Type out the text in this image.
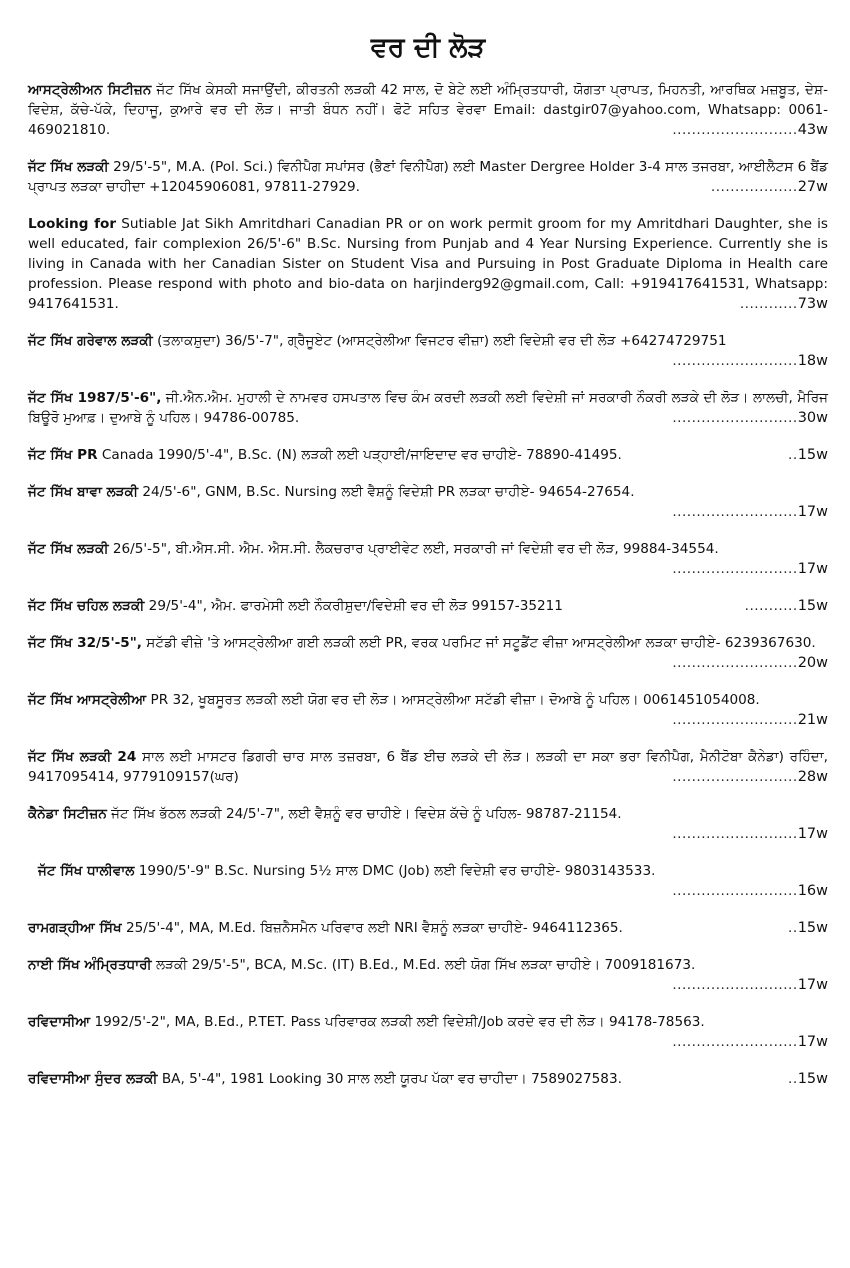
ਵਰ ਦੀ ਲੋੜ
ਆਸਟ੍ਰੇਲੀਅਨ ਸਿਟੀਜ਼ਨ ਜੱਟ ਸਿੱਖ ਕੇਸਕੀ ਸਜਾਉਂਦੀ, ਕੀਰਤਨੀ ਲੜਕੀ 42 ਸਾਲ, ਦੋ ਬੇਟੇ ਲਈ ਅੰਮ੍ਰਿਤਧਾਰੀ, ਯੋਗਤਾ ਪ੍ਰਾਪਤ, ਮਿਹਨਤੀ, ਆਰਥਿਕ ਮਜ਼ਬੂਤ, ਦੇਸ਼-ਵਿਦੇਸ਼, ਕੱਚੇ-ਪੱਕੇ, ਦਿਹਾਜੂ, ਕੁਆਰੇ ਵਰ ਦੀ ਲੋੜ। ਜਾਤੀ ਬੰਧਨ ਨਹੀਂ। ਫੋਟੋ ਸਹਿਤ ਵੇਰਵਾ Email: dastgir07@yahoo.com, Whatsapp: 0061-469021810.	..........................43w
ਜੱਟ ਸਿੱਖ ਲੜਕੀ 29/5'-5", M.A. (Pol. Sci.) ਵਿਨੀਪੈਗ ਸਪਾਂਸਰ (ਭੈਣਾਂ ਵਿਨੀਪੈਗ) ਲਈ Master Dergree Holder 3-4 ਸਾਲ ਤਜਰਬਾ, ਆਈਲੈਟਸ 6 ਬੈਂਡ ਪ੍ਰਾਪਤ ਲੜਕਾ ਚਾਹੀਦਾ +12045906081, 97811-27929.	..................27w
Looking for Sutiable Jat Sikh Amritdhari Canadian PR or on work permit groom for my Amritdhari Daughter, she is well educated, fair complexion 26/5'-6" B.Sc. Nursing from Punjab and 4 Year Nursing Experience. Currently she is living in Canada with her Canadian Sister on Student Visa and Pursuing in Post Graduate Diploma in Health care profession. Please respond with photo and bio-data on harjinderg92@gmail.com, Call: +919417641531, Whatsapp: 9417641531.	............73w
ਜੱਟ ਸਿੱਖ ਗਰੇਵਾਲ ਲੜਕੀ (ਤਲਾਕਸ਼ੁਦਾ) 36/5'-7", ਗ੍ਰੈਜੂਏਟ (ਆਸਟ੍ਰੇਲੀਆ ਵਿਜਟਰ ਵੀਜ਼ਾ) ਲਈ ਵਿਦੇਸ਼ੀ ਵਰ ਦੀ ਲੋੜ +64274729751
..........................18w
ਜੱਟ ਸਿੱਖ 1987/5'-6", ਜੀ.ਐਨ.ਐਮ. ਮੁਹਾਲੀ ਦੇ ਨਾਮਵਰ ਹਸਪਤਾਲ ਵਿਚ ਕੰਮ ਕਰਦੀ ਲੜਕੀ ਲਈ ਵਿਦੇਸ਼ੀ ਜਾਂ ਸਰਕਾਰੀ ਨੌਕਰੀ ਲੜਕੇ ਦੀ ਲੋੜ। ਲਾਲਚੀ, ਮੈਰਿਜ ਬਿਊਰੋ ਮੁਆਫ਼। ਦੁਆਬੇ ਨੂੰ ਪਹਿਲ। 94786-00785.	..........................30w
ਜੱਟ ਸਿੱਖ PR Canada 1990/5'-4", B.Sc. (N) ਲੜਕੀ ਲਈ ਪੜ੍ਹਾਈ/ਜਾਇਦਾਦ ਵਰ ਚਾਹੀਏ- 78890-41495.	..15w
ਜੱਟ ਸਿੱਖ ਬਾਵਾ ਲੜਕੀ 24/5'-6", GNM, B.Sc. Nursing ਲਈ ਵੈਸ਼ਨੂੰ ਵਿਦੇਸ਼ੀ PR ਲੜਕਾ ਚਾਹੀਏ- 94654-27654.
..........................17w
ਜੱਟ ਸਿੱਖ ਲੜਕੀ 26/5'-5", ਬੀ.ਐਸ.ਸੀ. ਐਮ. ਐਸ.ਸੀ. ਲੈਕਚਰਾਰ ਪ੍ਰਾਈਵੇਟ ਲਈ, ਸਰਕਾਰੀ ਜਾਂ ਵਿਦੇਸ਼ੀ ਵਰ ਦੀ ਲੋੜ, 99884-34554.
..........................17w
ਜੱਟ ਸਿੱਖ ਚਹਿਲ ਲੜਕੀ 29/5'-4", ਐਮ. ਫਾਰਮੇਸੀ ਲਈ ਨੌਕਰੀਸ਼ੁਦਾ/ਵਿਦੇਸ਼ੀ ਵਰ ਦੀ ਲੋੜ 99157-35211	...........15w
ਜੱਟ ਸਿੱਖ 32/5'-5", ਸਟੱਡੀ ਵੀਜ਼ੇ 'ਤੇ ਆਸਟ੍ਰੇਲੀਆ ਗਈ ਲੜਕੀ ਲਈ PR, ਵਰਕ ਪਰਮਿਟ ਜਾਂ ਸਟੂਡੈਂਟ ਵੀਜ਼ਾ ਆਸਟ੍ਰੇਲੀਆ ਲੜਕਾ ਚਾਹੀਏ- 6239367630.
..........................20w
ਜੱਟ ਸਿੱਖ ਆਸਟ੍ਰੇਲੀਆ PR 32, ਖੂਬਸੂਰਤ ਲੜਕੀ ਲਈ ਯੋਗ ਵਰ ਦੀ ਲੋੜ। ਆਸਟ੍ਰੇਲੀਆ ਸਟੱਡੀ ਵੀਜ਼ਾ। ਦੋਆਬੇ ਨੂੰ ਪਹਿਲ। 0061451054008.
..........................21w
ਜੱਟ ਸਿੱਖ ਲੜਕੀ 24 ਸਾਲ ਲਈ ਮਾਸਟਰ ਡਿਗਰੀ ਚਾਰ ਸਾਲ ਤਜ਼ਰਬਾ, 6 ਬੈਂਡ ਈਚ ਲੜਕੇ ਦੀ ਲੋੜ। ਲੜਕੀ ਦਾ ਸਕਾ ਭਰਾ ਵਿਨੀਪੈਗ, ਮੈਨੀਟੋਬਾ ਕੈਨੇਡਾ) ਰਹਿੰਦਾ, 9417095414, 9779109157(ਘਰ)	..........................28w
ਕੈਨੇਡਾ ਸਿਟੀਜ਼ਨ ਜੱਟ ਸਿੱਖ ਭੱਠਲ ਲੜਕੀ 24/5'-7", ਲਈ ਵੈਸ਼ਨੂੰ ਵਰ ਚਾਹੀਏ। ਵਿਦੇਸ਼ ਕੱਚੇ ਨੂੰ ਪਹਿਲ- 98787-21154.
..........................17w
ਜੱਟ ਸਿੱਖ ਧਾਲੀਵਾਲ 1990/5'-9" B.Sc. Nursing 5½ ਸਾਲ DMC (Job) ਲਈ ਵਿਦੇਸ਼ੀ ਵਰ ਚਾਹੀਏ- 9803143533.
..........................16w
ਰਾਮਗੜ੍ਹੀਆ ਸਿੱਖ 25/5'-4", MA, M.Ed. ਬਿਜ਼ਨੈਸਮੈਨ ਪਰਿਵਾਰ ਲਈ NRI ਵੈਸ਼ਨੂੰ ਲੜਕਾ ਚਾਹੀਏ- 9464112365.	..15w
ਨਾਈ ਸਿੱਖ ਅੰਮ੍ਰਿਤਧਾਰੀ ਲੜਕੀ 29/5'-5", BCA, M.Sc. (IT) B.Ed., M.Ed. ਲਈ ਯੋਗ ਸਿੱਖ ਲੜਕਾ ਚਾਹੀਏ। 7009181673.
..........................17w
ਰਵਿਦਾਸੀਆ 1992/5'-2", MA, B.Ed., P.TET. Pass ਪਰਿਵਾਰਕ ਲੜਕੀ ਲਈ ਵਿਦੇਸ਼ੀ/Job ਕਰਦੇ ਵਰ ਦੀ ਲੋੜ। 94178-78563.
..........................17w
ਰਵਿਦਾਸੀਆ ਸੁੰਦਰ ਲੜਕੀ BA, 5'-4", 1981 Looking 30 ਸਾਲ ਲਈ ਯੂਰਪ ਪੱਕਾ ਵਰ ਚਾਹੀਦਾ। 7589027583.	..15w
